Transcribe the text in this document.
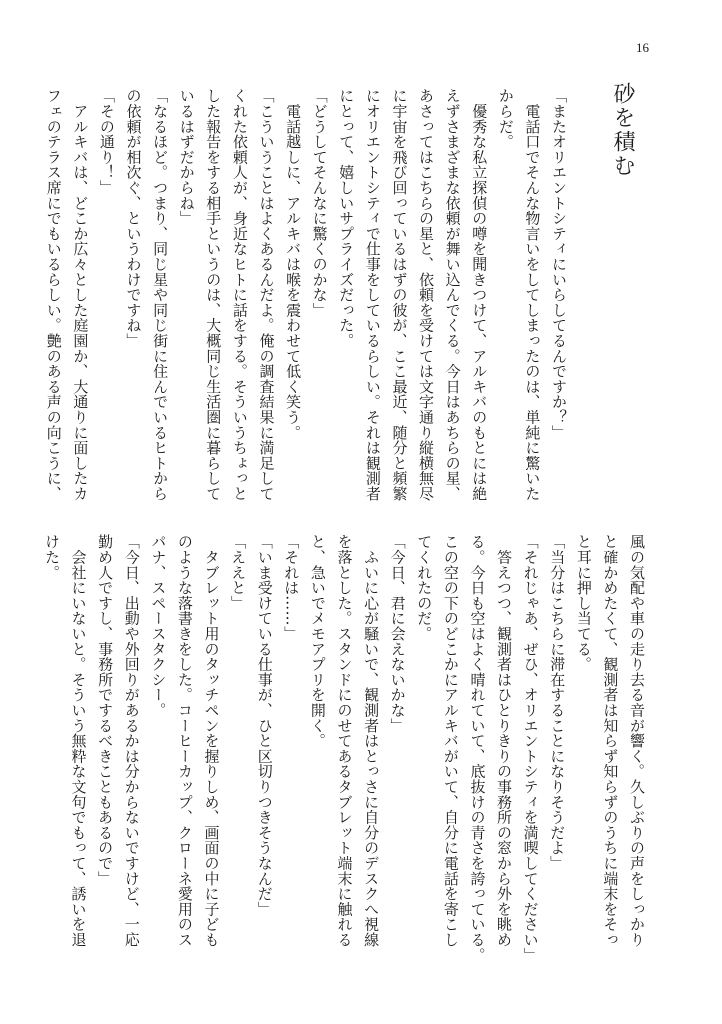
16
砂を積む
「またオリエントシティにいらしてるんですか？」
　電話口でそんな物言いをしてしまったのは、単純に驚いた
からだ。
　優秀な私立探偵の噂を聞きつけて、アルキバのもとには絶
えずさまざまな依頼が舞い込んでくる。今日はあちらの星、
あさってはこちらの星と、依頼を受けては文字通り縦横無尽
に宇宙を飛び回っているはずの彼が、ここ最近、随分と頻繁
にオリエントシティで仕事をしているらしい。それは観測者
にとって、嬉しいサプライズだった。
「どうしてそんなに驚くのかな」
　電話越しに、アルキバは喉を震わせて低く笑う。
「こういうことはよくあるんだよ。俺の調査結果に満足して
くれた依頼人が、身近なヒトに話をする。そういうちょっと
した報告をする相手というのは、大概同じ生活圏に暮らして
いるはずだからね」
「なるほど。つまり、同じ星や同じ街に住んでいるヒトから
の依頼が相次ぐ、というわけですね」
「その通り！」
　アルキバは、どこか広々とした庭園か、大通りに面したカ
フェのテラス席にでもいるらしい。艶のある声の向こうに、
風の気配や車の走り去る音が響く。久しぶりの声をしっかり
と確かめたくて、観測者は知らず知らずのうちに端末をそっ
と耳に押し当てる。
「当分はこちらに滞在することになりそうだよ」
「それじゃあ、ぜひ、オリエントシティを満喫してください」
　答えつつ、観測者はひとりきりの事務所の窓から外を眺め
る。今日も空はよく晴れていて、底抜けの青さを誇っている。
この空の下のどこかにアルキバがいて、自分に電話を寄こし
てくれたのだ。
「今日、君に会えないかな」
　ふいに心が騒いで、観測者はとっさに自分のデスクへ視線
を落とした。スタンドにのせてあるタブレット端末に触れる
と、急いでメモアプリを開く。
「それは……」
「いま受けている仕事が、ひと区切りつきそうなんだ」
「ええと」
　タブレット用のタッチペンを握りしめ、画面の中に子ども
のような落書きをした。コーヒーカップ、クローネ愛用のス
パナ、スペースタクシー。
「今日、出動や外回りがあるかは分からないですけど、一応
勤め人ですし、事務所でするべきこともあるので」
　会社にいないと。そういう無粋な文句でもって、誘いを退
けた。
